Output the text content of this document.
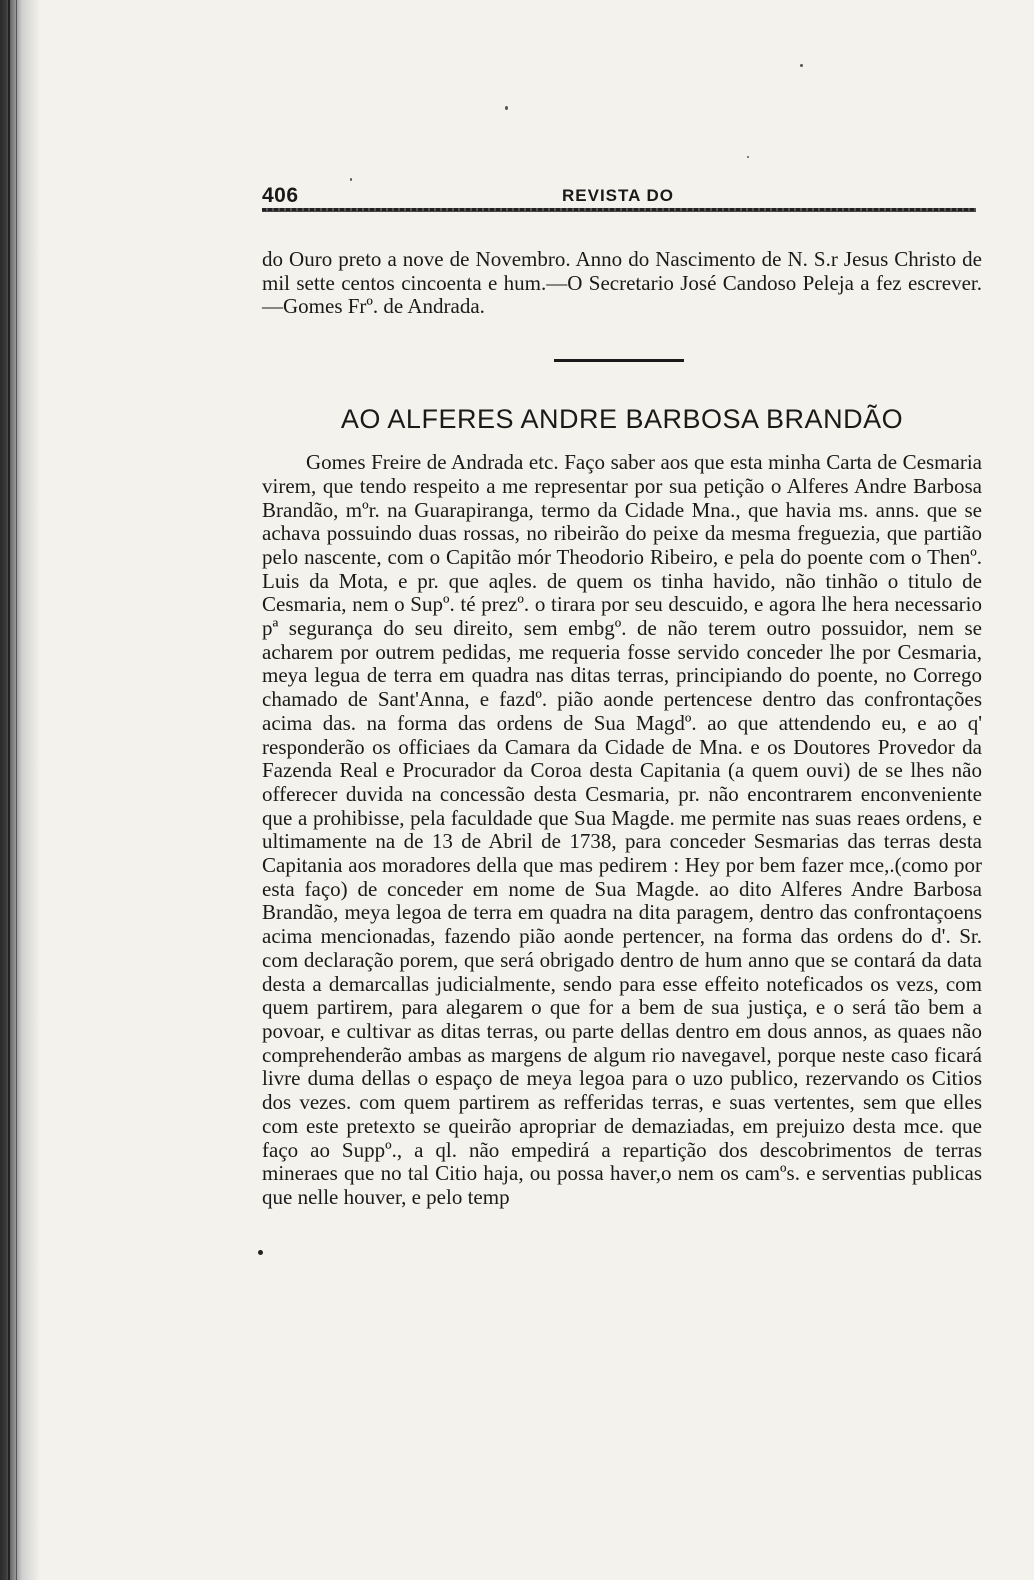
406	REVISTA DO

do Ouro preto a nove de Novembro. Anno do Nascimento de N. S.r Jesus Christo de mil sette centos cincoenta e hum.—O Secretario José Candoso Peleja a fez escrever.—Gomes Frº. de Andrada.

AO ALFERES ANDRE BARBOSA BRANDÃO

Gomes Freire de Andrada etc. Faço saber aos que esta minha Carta de Cesmaria virem, que tendo respeito a me representar por sua petição o Alferes Andre Barbosa Brandão, mºr. na Guarapiranga, termo da Cidade Mna., que havia ms. anns. que se achava possuindo duas rossas, no ribeirão do peixe da mesma freguezia, que partião pelo nascente, com o Capitão mór Theodorio Ribeiro, e pela do poente com o Thenº. Luis da Mota, e pr. que aqles. de quem os tinha havido, não tinhão o titulo de Cesmaria, nem o Supº. té prezº. o tirara por seu descuido, e agora lhe hera necessario pª segurança do seu direito, sem embgº. de não terem outro possuidor, nem se acharem por outrem pedidas, me requeria fosse servido conceder lhe por Cesmaria, meya legua de terra em quadra nas ditas terras, principiando do poente, no Corrego chamado de Sant'Anna, e fazdº. pião aonde pertencese dentro das confrontações acima das. na forma das ordens de Sua Magdº. ao que attendendo eu, e ao q' responderão os officiaes da Camara da Cidade de Mna. e os Doutores Provedor da Fazenda Real e Procurador da Coroa desta Capitania (a quem ouvi) de se lhes não offerecer duvida na concessão desta Cesmaria, pr. não encontrarem enconveniente que a prohibisse, pela faculdade que Sua Magde. me permite nas suas reaes ordens, e ultimamente na de 13 de Abril de 1738, para conceder Sesmarias das terras desta Capitania aos moradores della que mas pedirem : Hey por bem fazer mce,.(como por esta faço) de conceder em nome de Sua Magde. ao dito Alferes Andre Barbosa Brandão, meya legoa de terra em quadra na dita paragem, dentro das confrontaçoens acima mencionadas, fazendo pião aonde pertencer, na forma das ordens do d'. Sr. com declaração porem, que será obrigado dentro de hum anno que se contará da data desta a demarcallas judicialmente, sendo para esse effeito noteficados os vezs, com quem partirem, para alegarem o que for a bem de sua justiça, e o será tão bem a povoar, e cultivar as ditas terras, ou parte dellas dentro em dous annos, as quaes não comprehenderão ambas as margens de algum rio navegavel, porque neste caso ficará livre duma dellas o espaço de meya legoa para o uzo publico, rezervando os Citios dos vezes. com quem partirem as refferidas terras, e suas vertentes, sem que elles com este pretexto se queirão apropriar de demaziadas, em prejuizo desta mce. que faço ao Suppº., a ql. não empedirá a repartição dos descobrimentos de terras mineraes que no tal Citio haja, ou possa haver,o nem os camºs. e serventias publicas que nelle houver, e pelo temp
